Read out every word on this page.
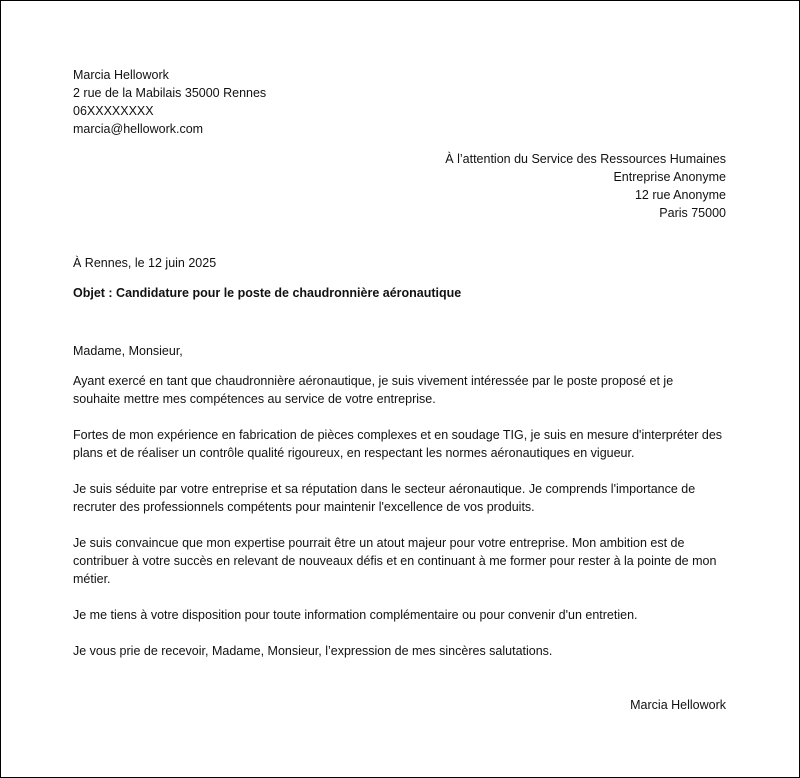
Marcia Hellowork
2 rue de la Mabilais 35000 Rennes
06XXXXXXXX
marcia@hellowork.com
À l’attention du Service des Ressources Humaines
Entreprise Anonyme
12 rue Anonyme
Paris 75000
À Rennes, le 12 juin 2025
Objet : Candidature pour le poste de chaudronnière aéronautique
Madame, Monsieur,

Ayant exercé en tant que chaudronnière aéronautique, je suis vivement intéressée par le poste proposé et je souhaite mettre mes compétences au service de votre entreprise.

Fortes de mon expérience en fabrication de pièces complexes et en soudage TIG, je suis en mesure d'interpréter des plans et de réaliser un contrôle qualité rigoureux, en respectant les normes aéronautiques en vigueur.

Je suis séduite par votre entreprise et sa réputation dans le secteur aéronautique. Je comprends l'importance de recruter des professionnels compétents pour maintenir l'excellence de vos produits.

Je suis convaincue que mon expertise pourrait être un atout majeur pour votre entreprise. Mon ambition est de contribuer à votre succès en relevant de nouveaux défis et en continuant à me former pour rester à la pointe de mon métier.

Je me tiens à votre disposition pour toute information complémentaire ou pour convenir d'un entretien.

Je vous prie de recevoir, Madame, Monsieur, l’expression de mes sincères salutations.

Marcia Hellowork
